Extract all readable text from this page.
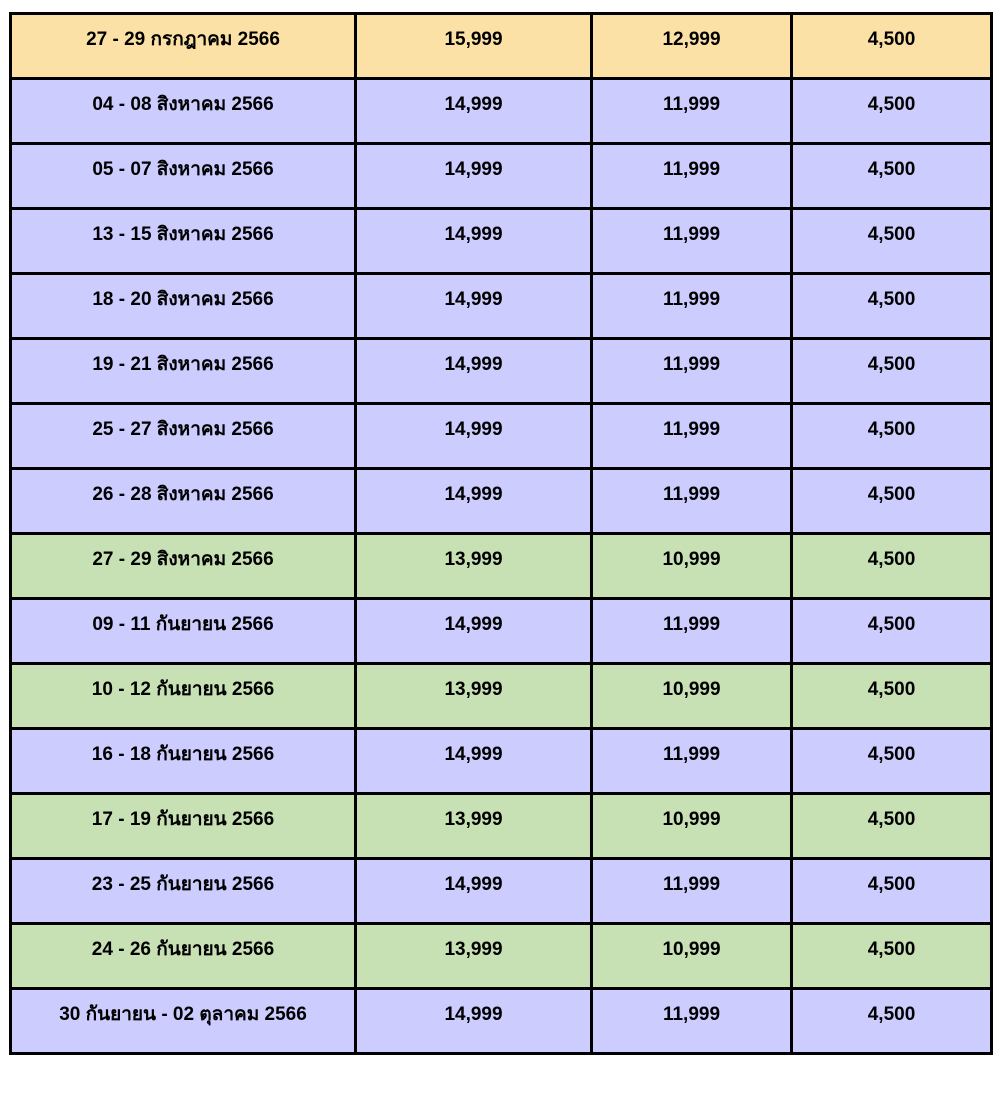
27 - 29 กรกฎาคม 2566	15,999	12,999	4,500

04 - 08 สิงหาคม 2566	14,999	11,999	4,500

05 - 07 สิงหาคม 2566	14,999	11,999	4,500

13 - 15 สิงหาคม 2566	14,999	11,999	4,500

18 - 20 สิงหาคม 2566	14,999	11,999	4,500

19 - 21 สิงหาคม 2566	14,999	11,999	4,500

25 - 27 สิงหาคม 2566	14,999	11,999	4,500

26 - 28 สิงหาคม 2566	14,999	11,999	4,500

27 - 29 สิงหาคม 2566	13,999	10,999	4,500

09 - 11 กันยายน 2566	14,999	11,999	4,500

10 - 12 กันยายน 2566	13,999	10,999	4,500

16 - 18 กันยายน 2566	14,999	11,999	4,500

17 - 19 กันยายน 2566	13,999	10,999	4,500

23 - 25 กันยายน 2566	14,999	11,999	4,500

24 - 26 กันยายน 2566	13,999	10,999	4,500

30 กันยายน - 02 ตุลาคม 2566	14,999	11,999	4,500
